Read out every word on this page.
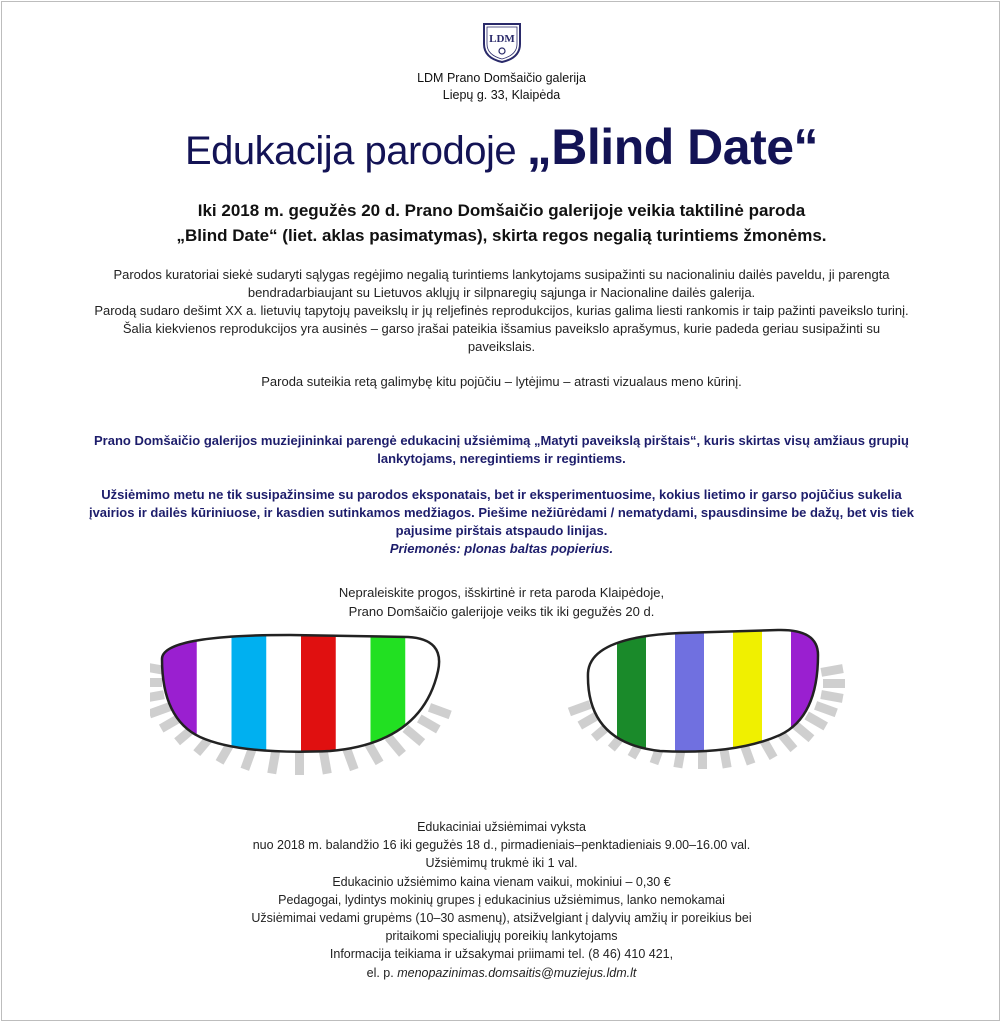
LDM
LDM Prano Domšaičio galerija
Liepų g. 33, Klaipėda
Edukacija parodoje „Blind Date“
Iki 2018 m. gegužės 20 d. Prano Domšaičio galerijoje veikia taktilinė paroda
„Blind Date“ (liet. aklas pasimatymas), skirta regos negalią turintiems žmonėms.

Parodos kuratoriai siekė sudaryti sąlygas regėjimo negalią turintiems lankytojams susipažinti su nacionaliniu dailės paveldu, ji parengta bendradarbiaujant su Lietuvos aklųjų ir silpnaregių sąjunga ir Nacionaline dailės galerija.

Parodą sudaro dešimt XX a. lietuvių tapytojų paveikslų ir jų reljefinės reprodukcijos, kurias galima liesti rankomis ir taip pažinti paveikslo turinį. Šalia kiekvienos reprodukcijos yra ausinės – garso įrašai pateikia išsamius paveikslo aprašymus, kurie padeda geriau susipažinti su paveikslais.

Paroda suteikia retą galimybę kitu pojūčiu – lytėjimu – atrasti vizualaus meno kūrinį.

Prano Domšaičio galerijos muziejininkai parengė edukacinį užsiėmimą „Matyti paveikslą pirštais“, kuris skirtas visų amžiaus grupių lankytojams, neregintiems ir regintiems.

Užsiėmimo metu ne tik susipažinsime su parodos eksponatais, bet ir eksperimentuosime, kokius lietimo ir garso pojūčius sukelia įvairios ir dailės kūriniuose, ir kasdien sutinkamos medžiagos. Piešime nežiūrėdami / nematydami, spausdinsime be dažų, bet vis tiek pajusime pirštais atspaudo linijas.

Priemonės: plonas baltas popierius.

Nepraleiskite progos, išskirtinė ir reta paroda Klaipėdoje,
Prano Domšaičio galerijoje veiks tik iki gegužės 20 d.
Edukaciniai užsiėmimai vyksta
nuo 2018 m. balandžio 16 iki gegužės 18 d., pirmadieniais–penktadieniais 9.00–16.00 val.
Užsiėmimų trukmė iki 1 val.
Edukacinio užsiėmimo kaina vienam vaikui, mokiniui – 0,30 €
Pedagogai, lydintys mokinių grupes į edukacinius užsiėmimus, lanko nemokamai
Užsiėmimai vedami grupėms (10–30 asmenų), atsižvelgiant į dalyvių amžių ir poreikius bei
pritaikomi specialiųjų poreikių lankytojams
Informacija teikiama ir užsakymai priimami tel. (8 46) 410 421,
el. p. menopazinimas.domsaitis@muziejus.ldm.lt
